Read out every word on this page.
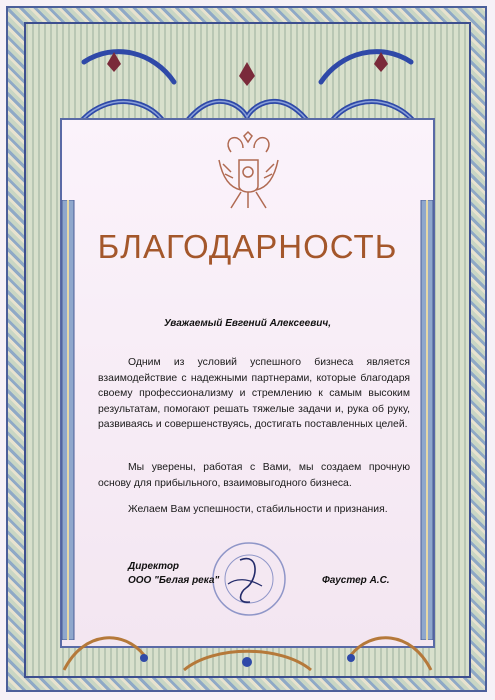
БЛАГОДАРНОСТЬ
Уважаемый Евгений Алексеевич,

Одним из условий успешного бизнеса является взаимодействие с надежными партнерами, которые благодаря своему профессионализму и стремлению к самым высоким результатам, помогают решать тяжелые задачи и, рука об руку, развиваясь и совершенствуясь, достигать поставленных целей.

Мы уверены, работая с Вами, мы создаем прочную основу для прибыльного, взаимовыгодного бизнеса.

Желаем Вам успешности, стабильности и признания.

Директор
ООО "Белая река"	Фаустер А.С.
